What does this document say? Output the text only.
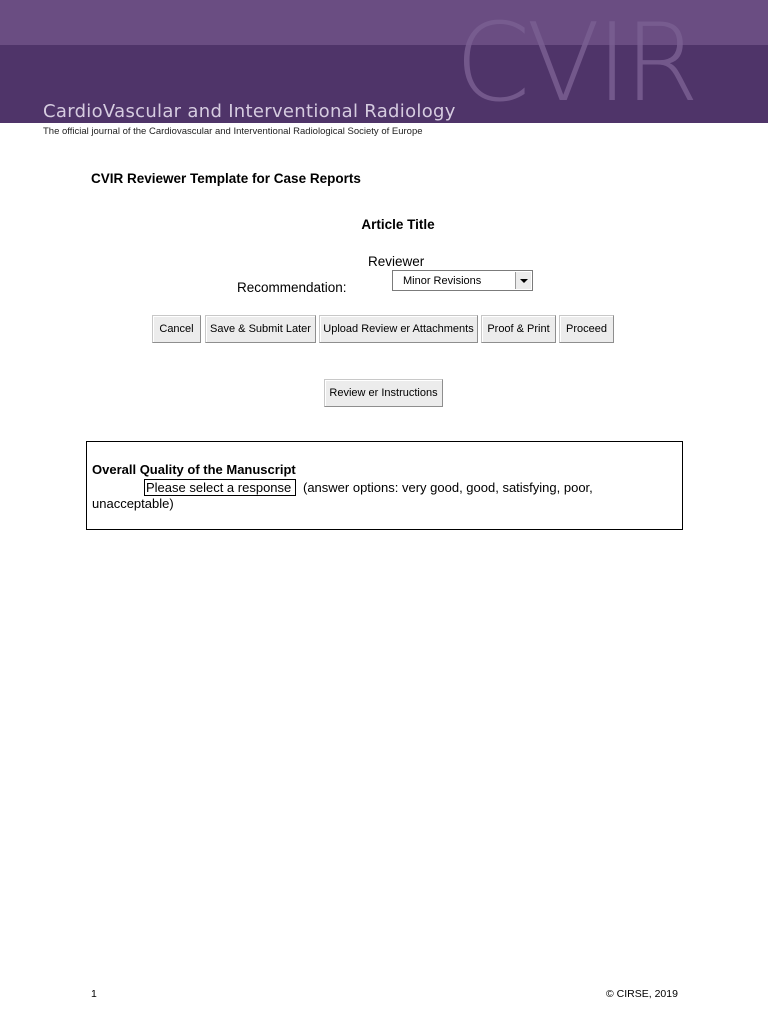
CVIR
CardioVascular and Interventional Radiology
The official journal of the Cardiovascular and Interventional Radiological Society of Europe
CVIR Reviewer Template for Case Reports
Article Title
Reviewer
Recommendation:	Minor Revisions
Cancel	Save & Submit Later	Upload Review er Attachments	Proof & Print	Proceed
Review er Instructions
Overall Quality of the Manuscript
Please select a response (answer options: very good, good, satisfying, poor,
unacceptable)
1	© CIRSE, 2019
